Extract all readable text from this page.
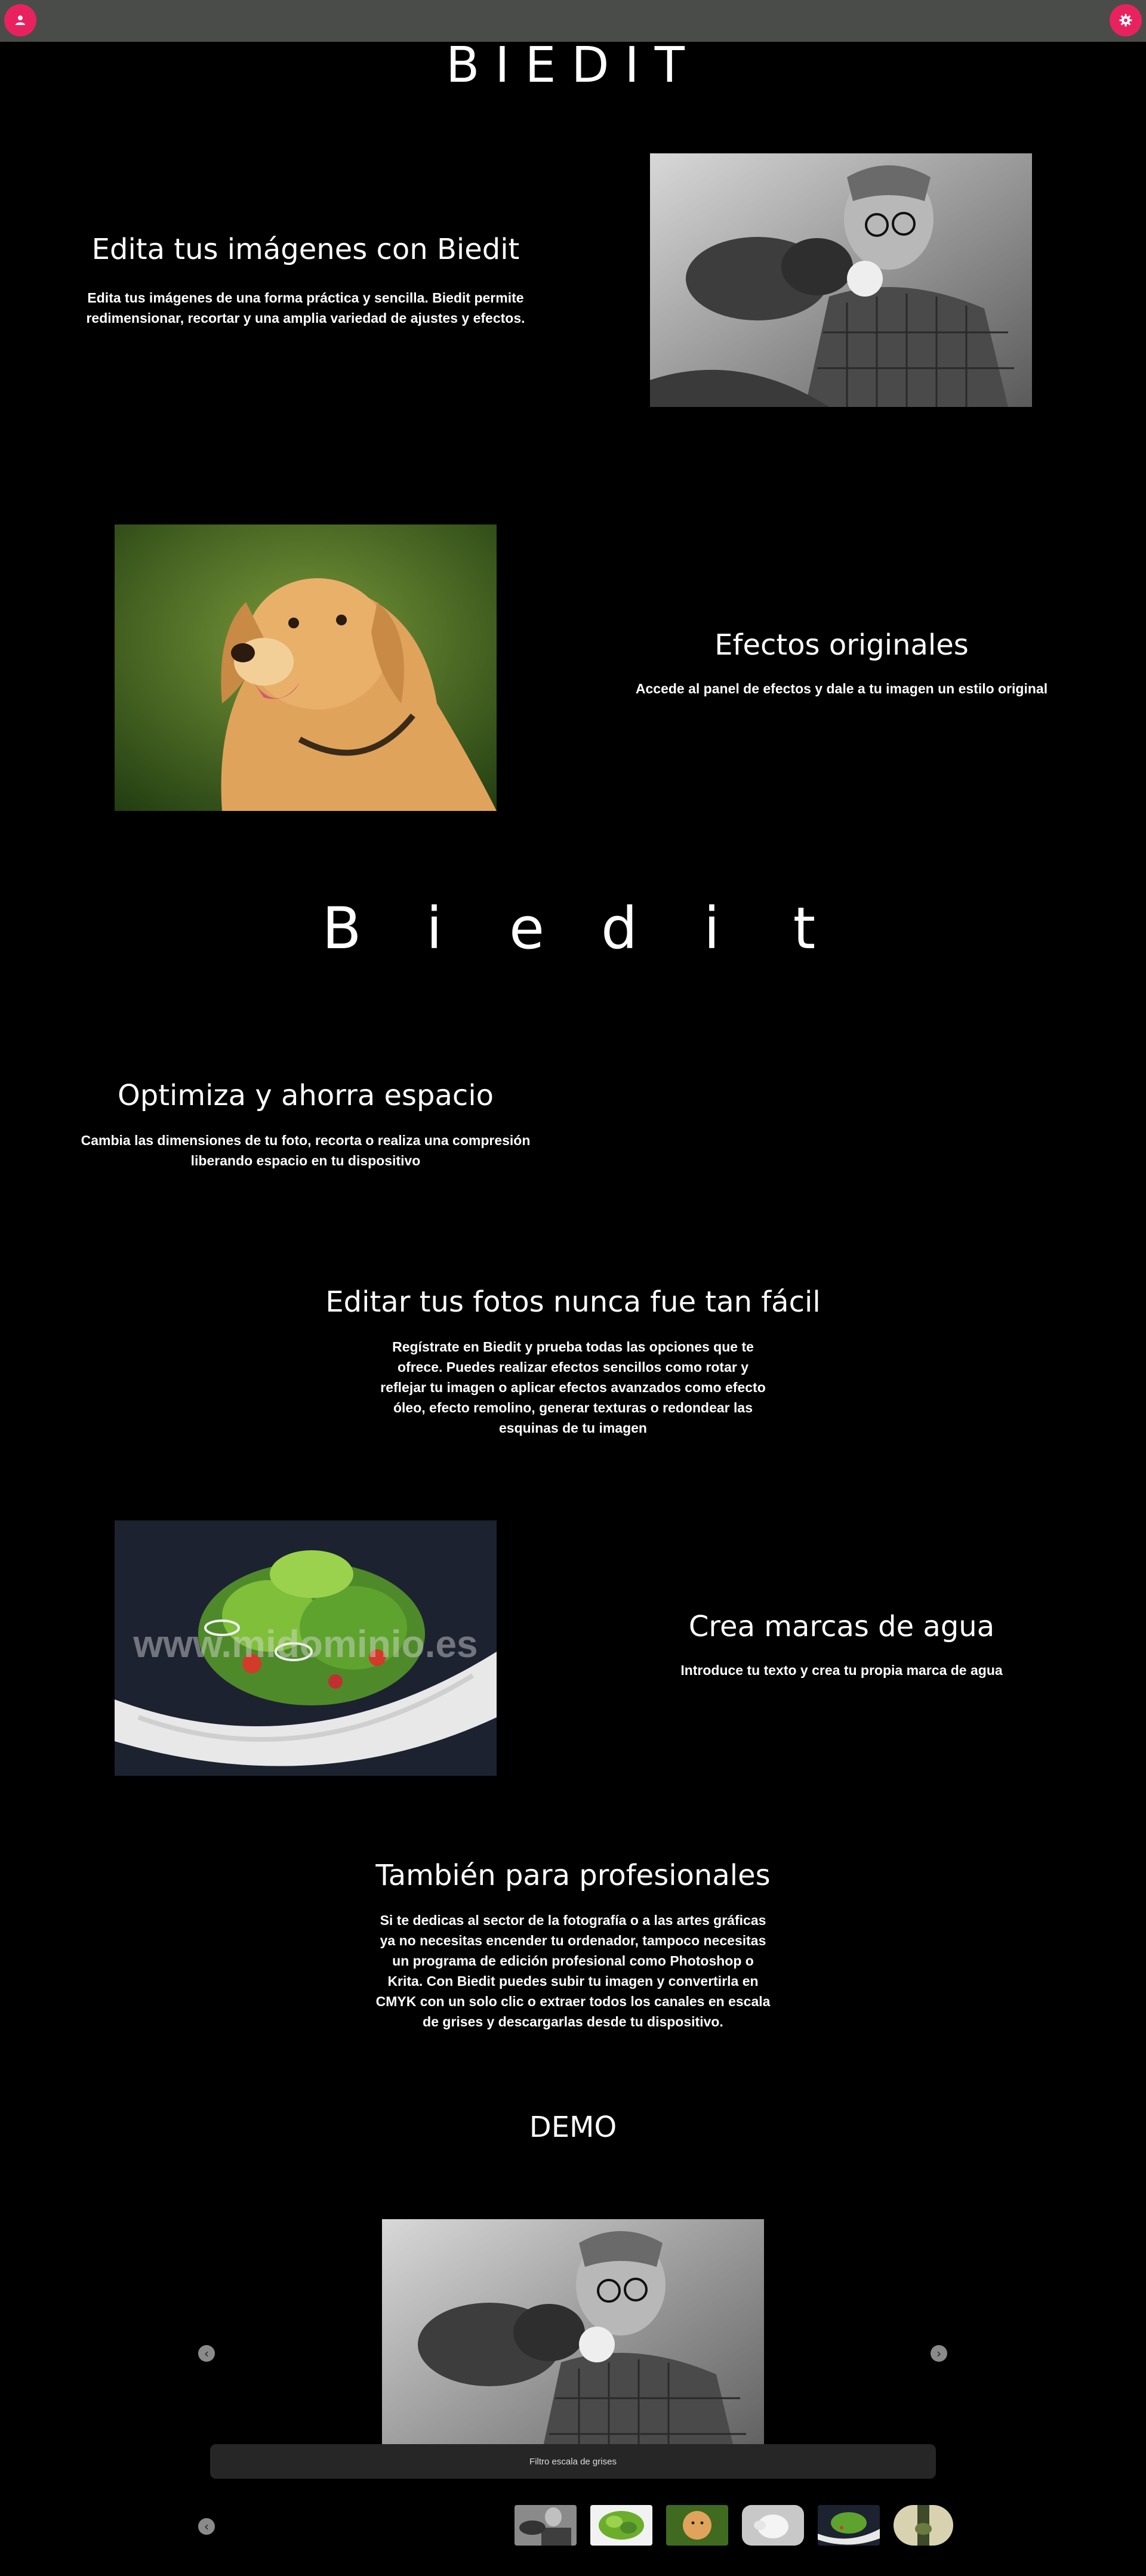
BIEDIT
Edita tus imágenes con Biedit

Edita tus imágenes de una forma práctica y sencilla. Biedit permite redimensionar, recortar y una amplia variedad de ajustes y efectos.

Efectos originales

Accede al panel de efectos y dale a tu imagen un estilo original

B	i	e d	i	t
Optimiza y ahorra espacio

Cambia las dimensiones de tu foto, recorta o realiza una compresión liberando espacio en tu dispositivo

Editar tus fotos nunca fue tan fácil

Regístrate en Biedit y prueba todas las opciones que te ofrece. Puedes realizar efectos sencillos como rotar y reflejar tu imagen o aplicar efectos avanzados como efecto óleo, efecto remolino, generar texturas o redondear las esquinas de tu imagen

www.midominio.es	Crea marcas de agua

Introduce tu texto y crea tu propia marca de agua

También para profesionales

Si te dedicas al sector de la fotografía o a las artes gráficas ya no necesitas encender tu ordenador, tampoco necesitas un programa de edición profesional como Photoshop o Krita. Con Biedit puedes subir tu imagen y convertirla en CMYK con un solo clic o extraer todos los canales en escala de grises y descargarlas desde tu dispositivo.

DEMO
‹	›
Filtro escala de grises
‹
